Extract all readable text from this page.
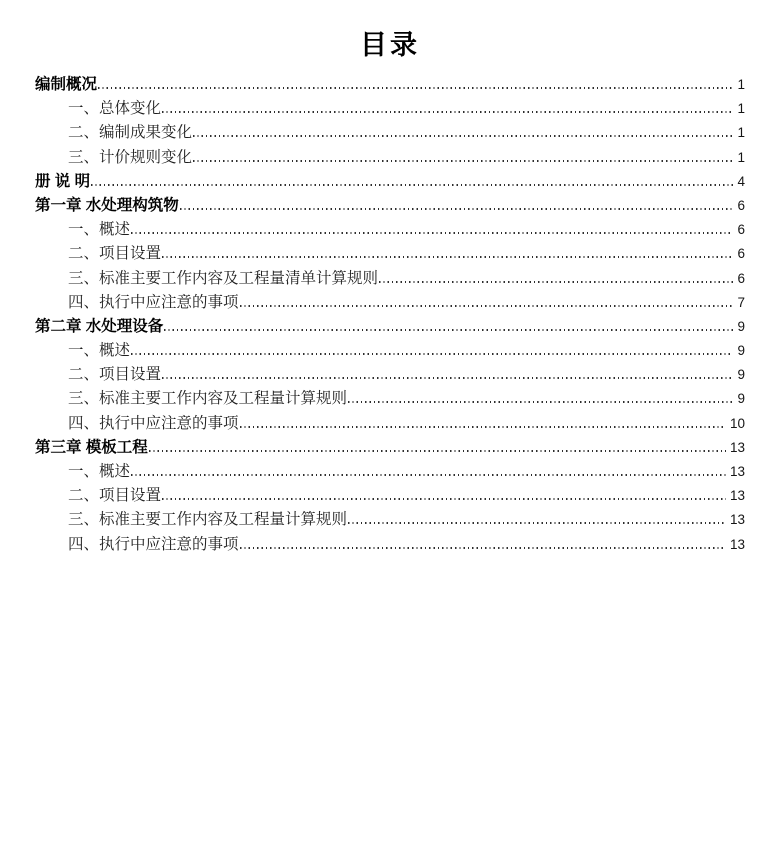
目录
编制概况	1
一、总体变化	1
二、编制成果变化	1
三、计价规则变化	1
册 说 明	4
第一章 水处理构筑物	6
一、概述	6
二、项目设置	6
三、标准主要工作内容及工程量清单计算规则	6
四、执行中应注意的事项	7
第二章 水处理设备	9
一、概述	9
二、项目设置	9
三、标准主要工作内容及工程量计算规则	9
四、执行中应注意的事项	10
第三章 模板工程	13
一、概述	13
二、项目设置	13
三、标准主要工作内容及工程量计算规则	13
四、执行中应注意的事项	13
